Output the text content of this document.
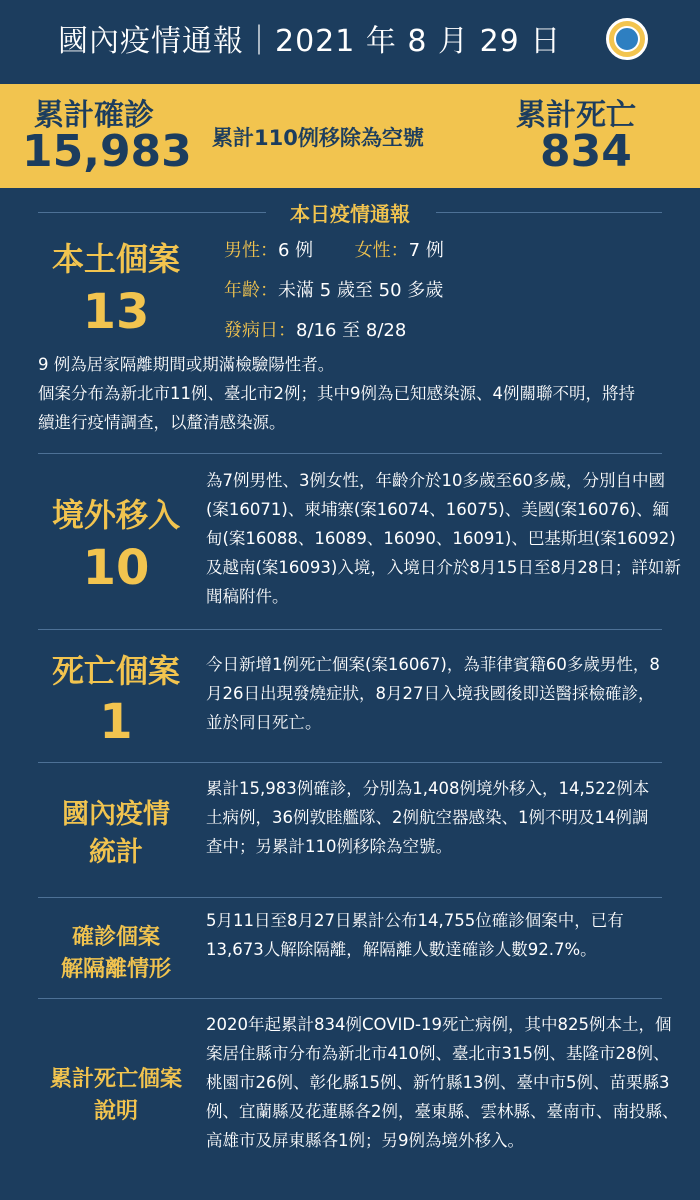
國內疫情通報｜2021 年 8 月 29 日
累計確診
15,983 累計110例移除為空號
累計死亡
834
本日疫情通報
本土個案
13
男性：6 例 女性：7 例
年齡：未滿 5 歲至 50 多歲
發病日：8/16 至 8/28
9 例為居家隔離期間或期滿檢驗陽性者。
個案分布為新北市11例、臺北市2例；其中9例為已知感染源、4例關聯不明，將持續進行疫情調查，以釐清感染源。
境外移入
10
為7例男性、3例女性，年齡介於10多歲至60多歲，分別自中國(案16071)、柬埔寨(案16074、16075)、美國(案16076)、緬甸(案16088、16089、16090、16091)、巴基斯坦(案16092)及越南(案16093)入境，入境日介於8月15日至8月28日；詳如新聞稿附件。
死亡個案
1
今日新增1例死亡個案(案16067)，為菲律賓籍60多歲男性，8月26日出現發燒症狀，8月27日入境我國後即送醫採檢確診，並於同日死亡。
國內疫情
統計
累計15,983例確診，分別為1,408例境外移入，14,522例本土病例，36例敦睦艦隊、2例航空器感染、1例不明及14例調查中；另累計110例移除為空號。
確診個案
解隔離情形
5月11日至8月27日累計公布14,755位確診個案中，已有13,673人解除隔離，解隔離人數達確診人數92.7%。
累計死亡個案
說明
2020年起累計834例COVID-19死亡病例，其中825例本土，個案居住縣市分布為新北市410例、臺北市315例、基隆市28例、桃園市26例、彰化縣15例、新竹縣13例、臺中市5例、苗栗縣3例、宜蘭縣及花蓮縣各2例，臺東縣、雲林縣、臺南市、南投縣、高雄市及屏東縣各1例；另9例為境外移入。
